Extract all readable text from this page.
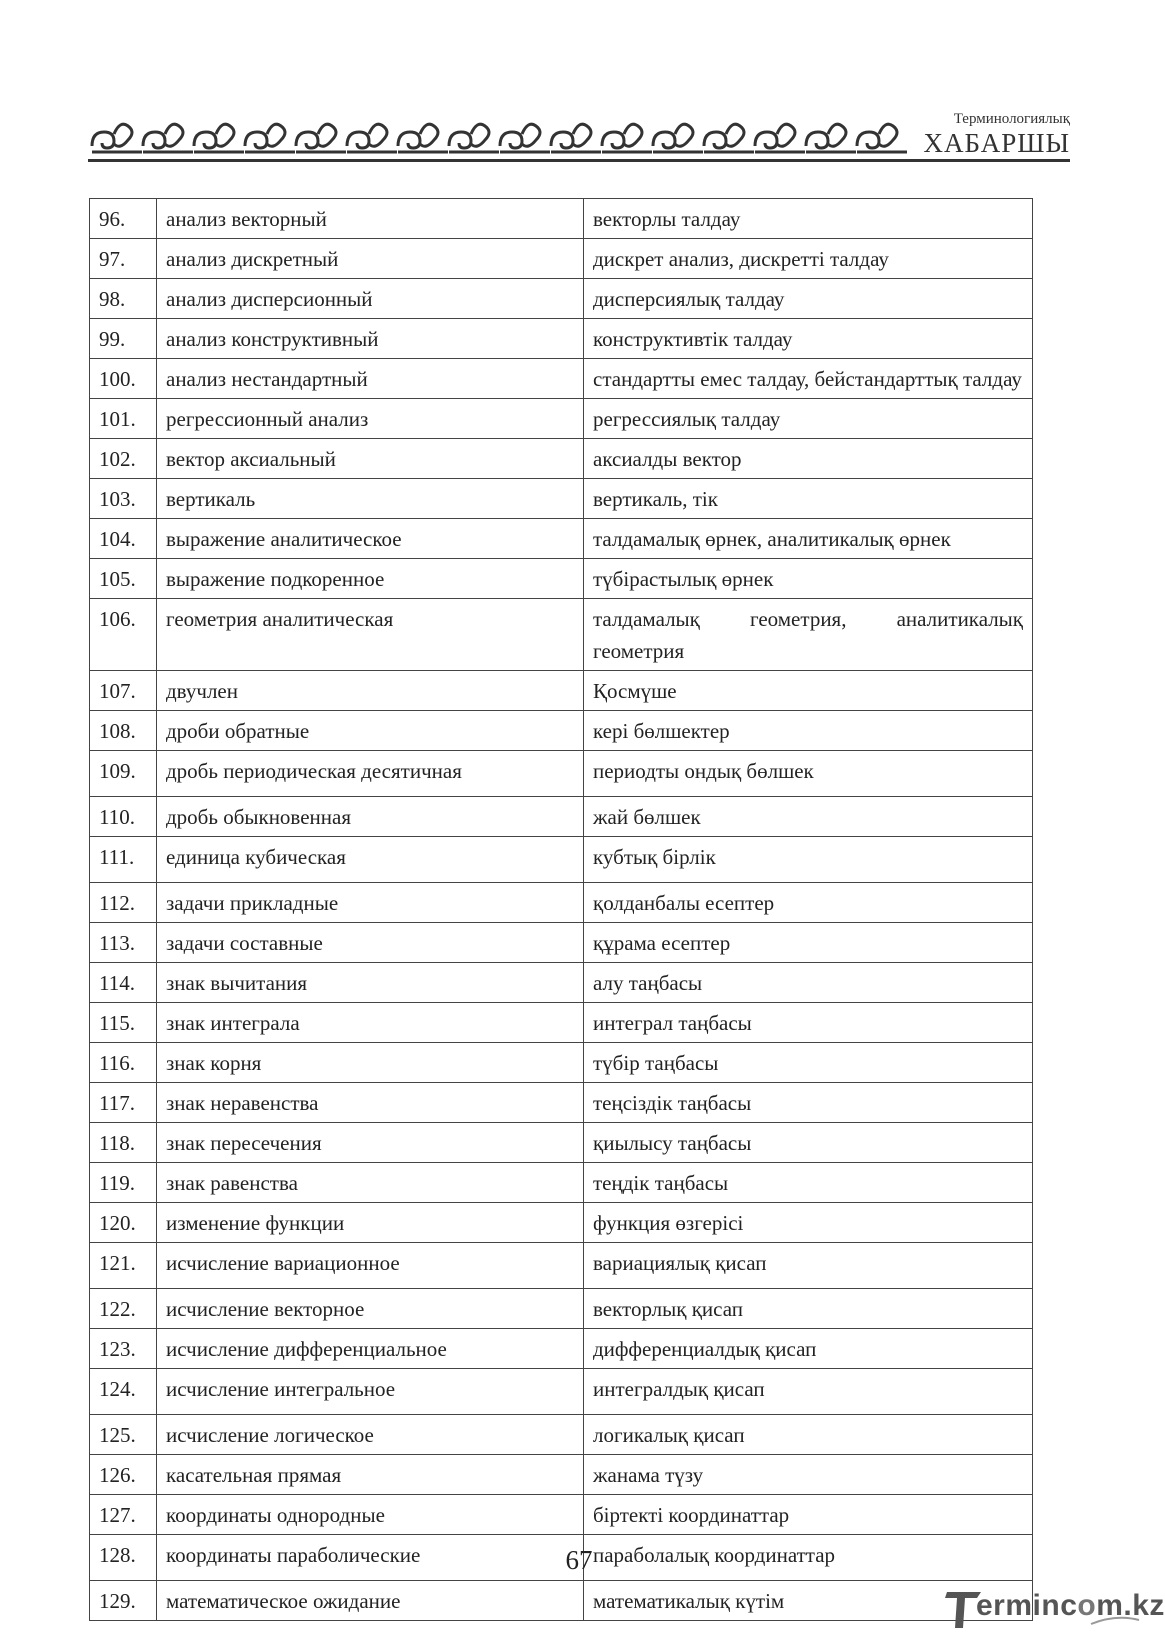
Терминологиялық
ХАБАРШЫ
96.	анализ векторный	векторлы талдау
97.	анализ дискретный	дискрет анализ, дискретті талдау
98.	анализ дисперсионный	дисперсиялық талдау
99.	анализ конструктивный	конструктивтік талдау
100.	анализ нестандартный	стандартты емес талдау, бейстандарттық талдау
101.	регрессионный анализ	регрессиялық талдау
102.	вектор аксиальный	аксиалды вектор
103.	вертикаль	вертикаль, тік
104.	выражение аналитическое	талдамалық өрнек, аналитикалық өрнек
105.	выражение подкоренное	түбірастылық өрнек
106.	геометрия аналитическая	талдамалық геометрия, аналитикалық геометрия
107.	двучлен	Қосмүше
108.	дроби обратные	кері бөлшектер
109.	дробь периодическая десятичная	периодты ондық бөлшек
110.	дробь обыкновенная	жай бөлшек
111.	единица кубическая	кубтық бірлік
112.	задачи прикладные	қолданбалы есептер
113.	задачи составные	құрама есептер
114.	знак вычитания	алу таңбасы
115.	знак интеграла	интеграл таңбасы
116.	знак корня	түбір таңбасы
117.	знак неравенства	теңсіздік таңбасы
118.	знак пересечения	қиылысу таңбасы
119.	знак равенства	теңдік таңбасы
120.	изменение функции	функция өзгерісі
121.	исчисление вариационное	вариациялық қисап
122.	исчисление векторное	векторлық қисап
123.	исчисление дифференциальное	дифференциалдық қисап
124.	исчисление интегральное	интегралдық қисап
125.	исчисление логическое	логикалық қисап
126.	касательная прямая	жанама түзу
127.	координаты однородные	біртекті координаттар
128.	координаты параболические	параболалық координаттар
129.	математическое ожидание	математикалық күтім
67
ermincom.kz
